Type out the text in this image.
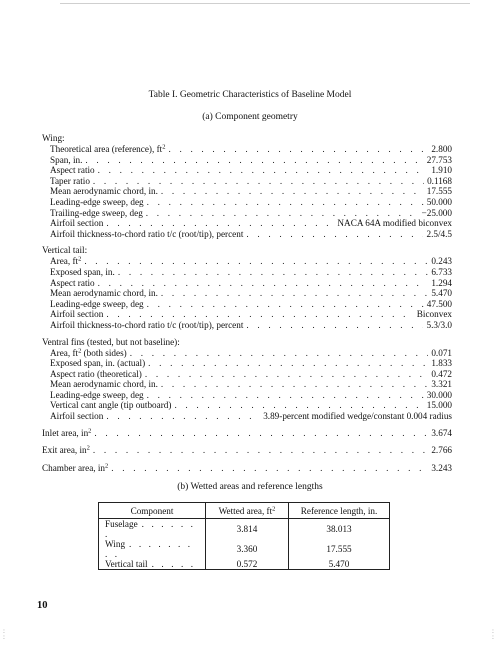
Table I. Geometric Characteristics of Baseline Model
(a) Component geometry
Wing:
Theoretical area (reference), $ft^2$ . . .	2.800
Span, in. . . .	27.753
Aspect ratio . . .	1.910
Taper ratio . . .	0.1168
Mean aerodynamic chord, in. . . .	17.555
Leading-edge sweep, deg . . .	50.000
Trailing-edge sweep, deg . . .	−25.000
Airfoil section . . .	NACA 64A modified biconvex
Airfoil thickness-to-chord ratio t/c (root/tip), percent . . .	2.5/4.5
Vertical tail:
Area, $ft^2$ . . .	0.243
Exposed span, in. . . .	6.733
Aspect ratio . . .	1.294
Mean aerodynamic chord, in. . . .	5.470
Leading-edge sweep, deg . . .	47.500
Airfoil section . . .	Biconvex
Airfoil thickness-to-chord ratio t/c (root/tip), percent . . .	5.3/3.0
Ventral fins (tested, but not baseline):
Area, $ft^2$ (both sides) . . .	0.071
Exposed span, in. (actual) . . .	1.833
Aspect ratio (theoretical) . . .	0.472
Mean aerodynamic chord, in. . . .	3.321
Leading-edge sweep, deg . . .	30.000
Vertical cant angle (tip outboard) . . .	15.000
Airfoil section . . .	3.89-percent modified wedge/constant 0.004 radius
Inlet area, $in^2$ . . .	3.674
Exit area, $in^2$ . . .	2.766
Chamber area, $in^2$ . . .	3.243
(b) Wetted areas and reference lengths
Component	Wetted area, $ft^2$	Reference length, in.
Fuselage . . . . . . .	3.814	38.013
Wing . . . . . . . . .	3.360	17.555
Vertical tail . . . . .	0.572	5.470
10
:
:
:
:
